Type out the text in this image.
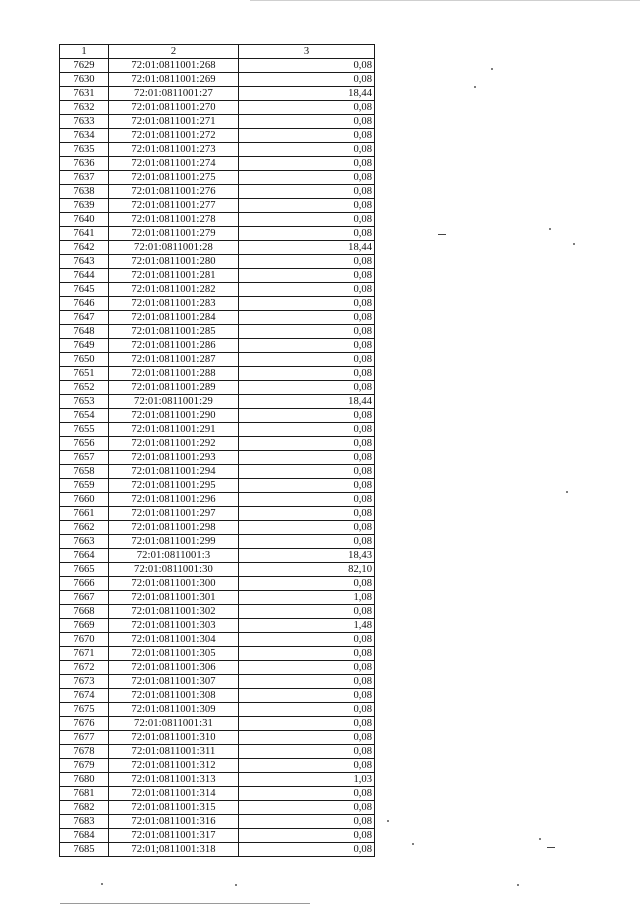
1	2	3
7629	72:01:0811001:268	0,08
7630	72:01:0811001:269	0,08
7631	72:01:0811001:27	18,44
7632	72:01:0811001:270	0,08
7633	72:01:0811001:271	0,08
7634	72:01:0811001:272	0,08
7635	72:01:0811001:273	0,08
7636	72:01:0811001:274	0,08
7637	72:01:0811001:275	0,08
7638	72:01:0811001:276	0,08
7639	72:01:0811001:277	0,08
7640	72:01:0811001:278	0,08
7641	72:01:0811001:279	0,08
7642	72:01:0811001:28	18,44
7643	72:01:0811001:280	0,08
7644	72:01:0811001:281	0,08
7645	72:01:0811001:282	0,08
7646	72:01:0811001:283	0,08
7647	72:01:0811001:284	0,08
7648	72:01:0811001:285	0,08
7649	72:01:0811001:286	0,08
7650	72:01:0811001:287	0,08
7651	72:01:0811001:288	0,08
7652	72:01:0811001:289	0,08
7653	72:01:0811001:29	18,44
7654	72:01:0811001:290	0,08
7655	72:01:0811001:291	0,08
7656	72:01:0811001:292	0,08
7657	72:01:0811001:293	0,08
7658	72:01:0811001:294	0,08
7659	72:01:0811001:295	0,08
7660	72:01:0811001:296	0,08
7661	72:01:0811001:297	0,08
7662	72:01:0811001:298	0,08
7663	72:01:0811001:299	0,08
7664	72:01:0811001:3	18,43
7665	72:01:0811001:30	82,10
7666	72:01:0811001:300	0,08
7667	72:01:0811001:301	1,08
7668	72:01:0811001:302	0,08
7669	72:01:0811001:303	1,48
7670	72:01:0811001:304	0,08
7671	72:01:0811001:305	0,08
7672	72:01:0811001:306	0,08
7673	72:01:0811001:307	0,08
7674	72:01:0811001:308	0,08
7675	72:01:0811001:309	0,08
7676	72:01:0811001:31	0,08
7677	72:01:0811001:310	0,08
7678	72:01:0811001:311	0,08
7679	72:01:0811001:312	0,08
7680	72:01:0811001:313	1,03
7681	72:01:0811001:314	0,08
7682	72:01:0811001:315	0,08
7683	72:01:0811001:316	0,08
7684	72:01:0811001:317	0,08
7685	72:01;0811001:318	0,08
